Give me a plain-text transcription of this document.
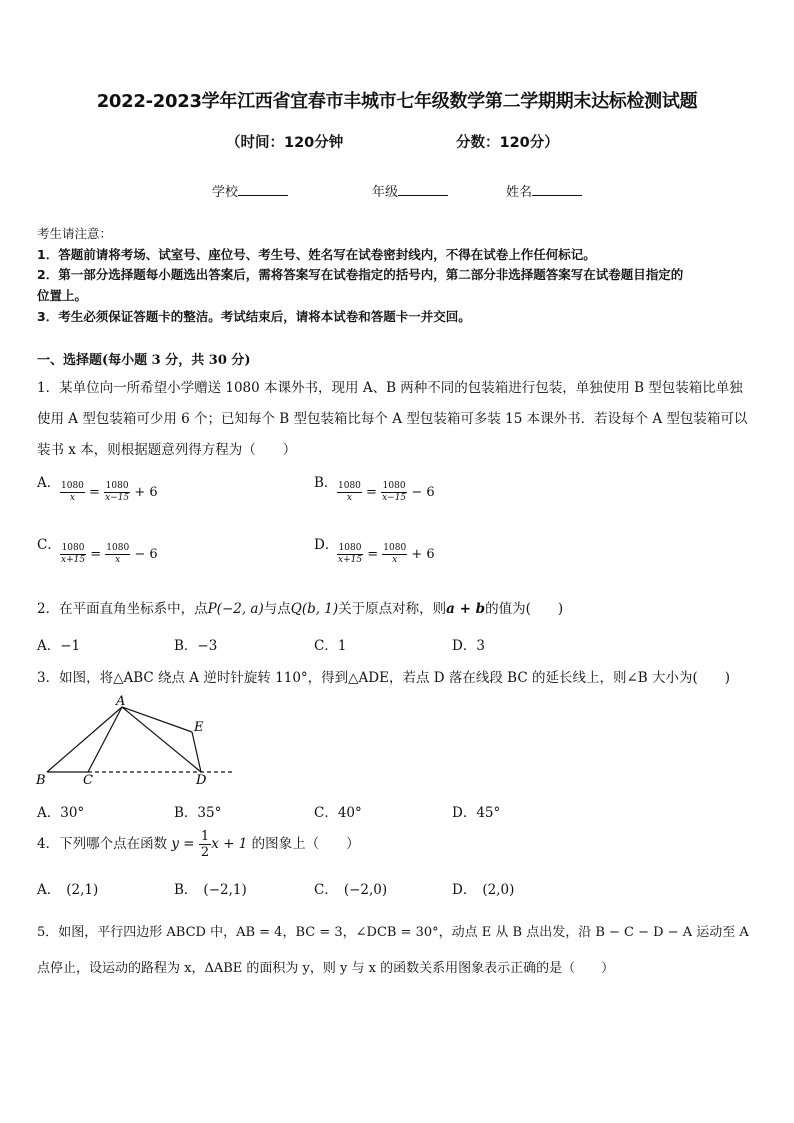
2022-2023学年江西省宜春市丰城市七年级数学第二学期期末达标检测试题
（时间：120分钟	分数：120分）
学校	年级	姓名
考生请注意：
1．答题前请将考场、试室号、座位号、考生号、姓名写在试卷密封线内，不得在试卷上作任何标记。
2．第一部分选择题每小题选出答案后，需将答案写在试卷指定的括号内，第二部分非选择题答案写在试卷题目指定的
位置上。
3．考生必须保证答题卡的整洁。考试结束后，请将本试卷和答题卡一并交回。
一、选择题(每小题 3 分，共 30 分)
1．某单位向一所希望小学赠送 1080 本课外书，现用 A、B 两种不同的包装箱进行包装，单独使用 B 型包装箱比单独
使用 A 型包装箱可少用 6 个；已知每个 B 型包装箱比每个 A 型包装箱可多装 15 本课外书．若设每个 A 型包装箱可以
装书 x 本，则根据题意列得方程为（　　）
A． $\frac{1080}{x} = \frac{1080}{x-15} + 6$
B． $\frac{1080}{x} = \frac{1080}{x-15} - 6$
C． $\frac{1080}{x+15} = \frac{1080}{x} - 6$
D．
$\frac{1080}{x+15} = \frac{1080}{x} + 6$
2．在平面直角坐标系中，点P(−2, a)与点Q(b, 1)关于原点对称，则a + b的值为(　　)
A．−1	B．−3	C．1	D．3
3．如图，将△ABC 绕点 A 逆时针旋转 110°，得到△ADE，若点 D 落在线段 BC 的延长线上，则∠B 大小为(　　)
A
B	C	D
E
A．30°	B．35°	C．40°	D．45°
4．下列哪个点在函数 $y = \frac{1}{2}$ x + 1 的图象上（　　）
A． (2,1)	B． (−2,1)	C． (−2,0)	D． (2,0)
5．如图，平行四边形 ABCD 中，AB = 4，BC = 3，∠DCB = 30°，动点 E 从 B 点出发，沿 B − C − D − A 运动至 A
点停止，设运动的路程为 x，ΔABE 的面积为 y，则 y 与 x 的函数关系用图象表示正确的是（　　）
